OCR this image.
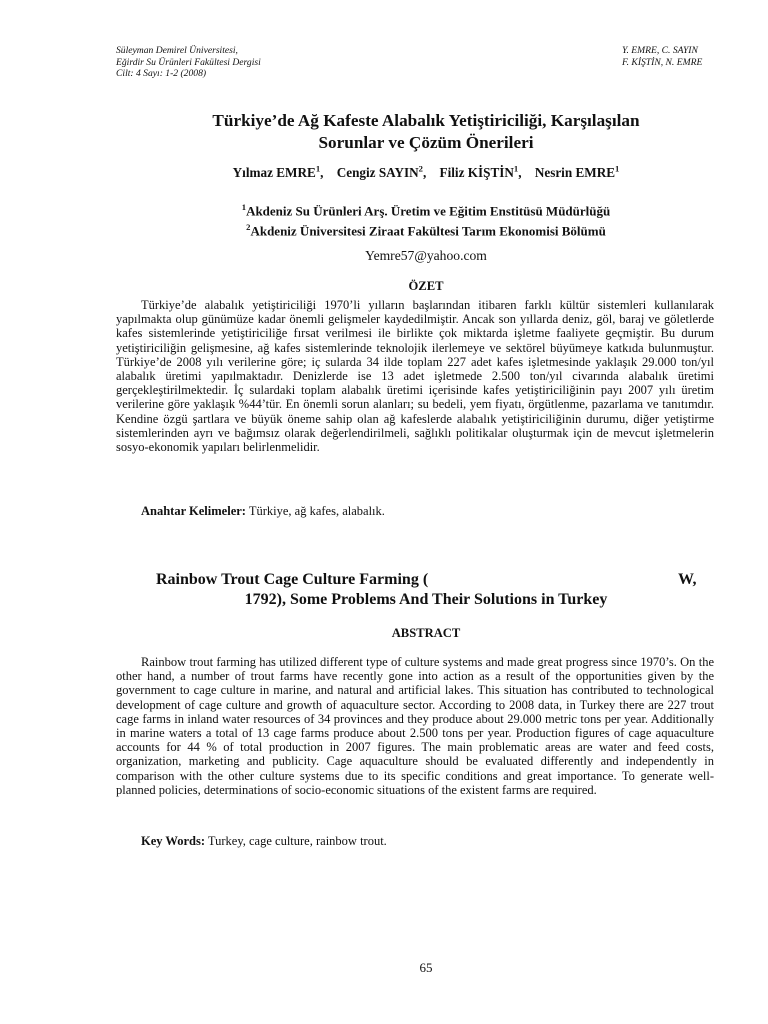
Süleyman Demirel Üniversitesi,
Eğirdir Su Ürünleri Fakültesi Dergisi
Cilt: 4 Sayı: 1-2 (2008)
Y. EMRE, C. SAYIN
F. KİŞTİN, N. EMRE
Türkiye’de Ağ Kafeste Alabalık Yetiştiriciliği, Karşılaşılan
Sorunlar ve Çözüm Önerileri
Yılmaz EMRE$^1$, Cengiz SAYIN$^2$, Filiz KİŞTİN$^1$, Nesrin EMRE$^1$
$^1$Akdeniz Su Ürünleri Arş. Üretim ve Eğitim Enstitüsü Müdürlüğü
$^2$Akdeniz Üniversitesi Ziraat Fakültesi Tarım Ekonomisi Bölümü
Yemre57@yahoo.com
ÖZET
Türkiye’de alabalık yetiştiriciliği 1970’li yılların başlarından itibaren farklı kültür sistemleri kullanılarak yapılmakta olup günümüze kadar önemli gelişmeler kaydedilmiştir. Ancak son yıllarda deniz, göl, baraj ve göletlerde kafes sistemlerinde yetiştiriciliğe fırsat verilmesi ile birlikte çok miktarda işletme faaliyete geçmiştir. Bu durum yetiştiriciliğin gelişmesine, ağ kafes sistemlerinde teknolojik ilerlemeye ve sektörel büyümeye katkıda bulunmuştur. Türkiye’de 2008 yılı verilerine göre; iç sularda 34 ilde toplam 227 adet kafes işletmesinde yaklaşık 29.000 ton/yıl alabalık üretimi yapılmaktadır. Denizlerde ise 13 adet işletmede 2.500 ton/yıl civarında alabalık üretimi gerçekleştirilmektedir. İç sulardaki toplam alabalık üretimi içerisinde kafes yetiştiriciliğinin payı 2007 yılı üretim verilerine göre yaklaşık %44’tür. En önemli sorun alanları; su bedeli, yem fiyatı, örgütlenme, pazarlama ve tanıtımdır. Kendine özgü şartlara ve büyük öneme sahip olan ağ kafeslerde alabalık yetiştiriciliğinin durumu, diğer yetiştirme sistemlerinden ayrı ve bağımsız olarak değerlendirilmeli, sağlıklı politikalar oluşturmak için de mevcut işletmelerin sosyo-ekonomik yapıları belirlenmelidir.
Anahtar Kelimeler: Türkiye, ağ kafes, alabalık.
Rainbow Trout Cage Culture Farming (	W,
1792), Some Problems And Their Solutions in Turkey
ABSTRACT
Rainbow trout farming has utilized different type of culture systems and made great progress since 1970’s. On the other hand, a number of trout farms have recently gone into action as a result of the opportunities given by the government to cage culture in marine, and natural and artificial lakes. This situation has contributed to technological development of cage culture and growth of aquaculture sector. According to 2008 data, in Turkey there are 227 trout cage farms in inland water resources of 34 provinces and they produce about 29.000 metric tons per year. Additionally in marine waters a total of 13 cage farms produce about 2.500 tons per year. Production figures of cage aquaculture accounts for 44 % of total production in 2007 figures. The main problematic areas are water and feed costs, organization, marketing and publicity. Cage aquaculture should be evaluated differently and independently in comparison with the other culture systems due to its specific conditions and great importance. To generate well-planned policies, determinations of socio-economic situations of the existent farms are required.
Key Words: Turkey, cage culture, rainbow trout.
65
